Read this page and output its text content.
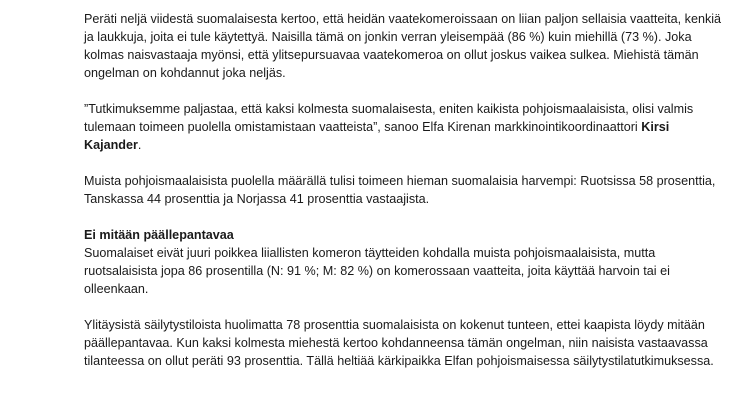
Peräti neljä viidestä suomalaisesta kertoo, että heidän vaatekomeroissaan on liian paljon sellaisia vaatteita, kenkiä ja laukkuja, joita ei tule käytettyä. Naisilla tämä on jonkin verran yleisempää (86 %) kuin miehillä (73 %). Joka kolmas naisvastaaja myönsi, että ylitsepursuavaa vaatekomeroa on ollut joskus vaikea sulkea. Miehistä tämän ongelman on kohdannut joka neljäs.

”Tutkimuksemme paljastaa, että kaksi kolmesta suomalaisesta, eniten kaikista pohjoismaalaisista, olisi valmis tulemaan toimeen puolella omistamistaan vaatteista”, sanoo Elfa Kirenan markkinointikoordinaattori Kirsi Kajander.

Muista pohjoismaalaisista puolella määrällä tulisi toimeen hieman suomalaisia harvempi: Ruotsissa 58 prosenttia, Tanskassa 44 prosenttia ja Norjassa 41 prosenttia vastaajista.

Ei mitään päällepantavaa

Suomalaiset eivät juuri poikkea liiallisten komeron täytteiden kohdalla muista pohjoismaalaisista, mutta ruotsalaisista jopa 86 prosentilla (N: 91 %; M: 82 %) on komerossaan vaatteita, joita käyttää harvoin tai ei olleenkaan.

Ylitäysistä säilytystiloista huolimatta 78 prosenttia suomalaisista on kokenut tunteen, ettei kaapista löydy mitään päällepantavaa. Kun kaksi kolmesta miehestä kertoo kohdanneensa tämän ongelman, niin naisista vastaavassa tilanteessa on ollut peräti 93 prosenttia. Tällä heltiää kärkipaikka Elfan pohjoismaisessa säilytystilatutkimuksessa.
